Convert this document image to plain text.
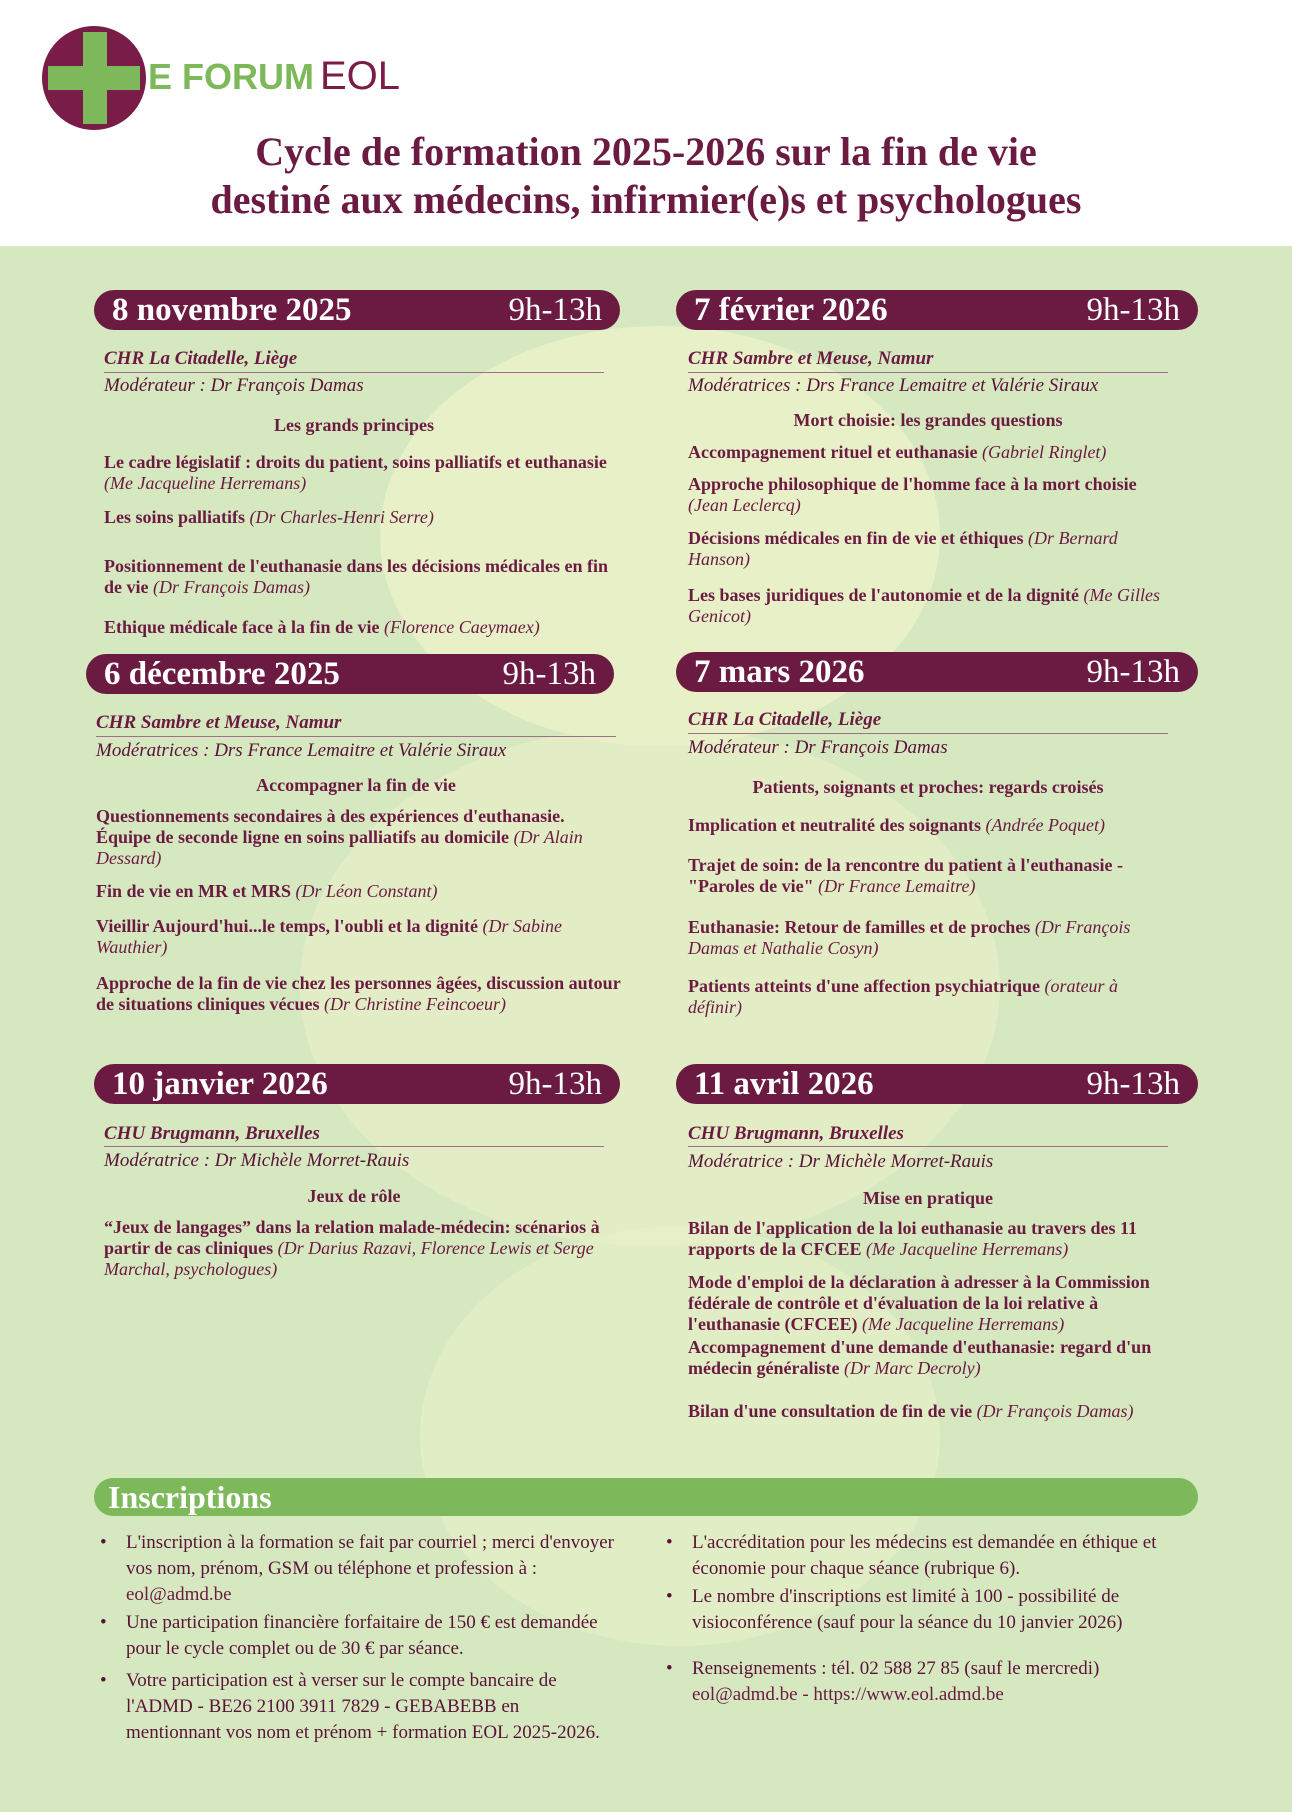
E FORUM EOL
Cycle de formation 2025-2026 sur la fin de vie
destiné aux médecins, infirmier(e)s et psychologues
8 novembre 2025	9h-13h
CHR La Citadelle, Liège
Modérateur : Dr François Damas
Les grands principes
Le cadre législatif : droits du patient, soins palliatifs et euthanasie (Me Jacqueline Herremans)
Les soins palliatifs (Dr Charles-Henri Serre)
Positionnement de l'euthanasie dans les décisions médicales en fin de vie (Dr François Damas)
Ethique médicale face à la fin de vie (Florence Caeymaex)
7 février 2026	9h-13h
CHR Sambre et Meuse, Namur
Modératrices : Drs France Lemaitre et Valérie Siraux
Mort choisie: les grandes questions
Accompagnement rituel et euthanasie (Gabriel Ringlet)
Approche philosophique de l'homme face à la mort choisie (Jean Leclercq)
Décisions médicales en fin de vie et éthiques (Dr Bernard Hanson)
Les bases juridiques de l'autonomie et de la dignité (Me Gilles Genicot)
6 décembre 2025	9h-13h
CHR Sambre et Meuse, Namur
Modératrices : Drs France Lemaitre et Valérie Siraux
Accompagner la fin de vie
Questionnements secondaires à des expériences d'euthanasie. Équipe de seconde ligne en soins palliatifs au domicile (Dr Alain Dessard)
Fin de vie en MR et MRS (Dr Léon Constant)
Vieillir Aujourd'hui...le temps, l'oubli et la dignité (Dr Sabine Wauthier)
Approche de la fin de vie chez les personnes âgées, discussion autour de situations cliniques vécues (Dr Christine Feincoeur)
7 mars 2026	9h-13h
CHR La Citadelle, Liège
Modérateur : Dr François Damas
Patients, soignants et proches: regards croisés
Implication et neutralité des soignants (Andrée Poquet)
Trajet de soin: de la rencontre du patient à l'euthanasie - "Paroles de vie" (Dr France Lemaitre)
Euthanasie: Retour de familles et de proches (Dr François Damas et Nathalie Cosyn)
Patients atteints d'une affection psychiatrique (orateur à définir)
10 janvier 2026	9h-13h
CHU Brugmann, Bruxelles
Modératrice : Dr Michèle Morret-Rauis
Jeux de rôle
“Jeux de langages” dans la relation malade-médecin: scénarios à partir de cas cliniques (Dr Darius Razavi, Florence Lewis et Serge Marchal, psychologues)
11 avril 2026	9h-13h
CHU Brugmann, Bruxelles
Modératrice : Dr Michèle Morret-Rauis
Mise en pratique
Bilan de l'application de la loi euthanasie au travers des 11 rapports de la CFCEE (Me Jacqueline Herremans)
Mode d'emploi de la déclaration à adresser à la Commission fédérale de contrôle et d'évaluation de la loi relative à l'euthanasie (CFCEE) (Me Jacqueline Herremans)
Accompagnement d'une demande d'euthanasie: regard d'un médecin généraliste (Dr Marc Decroly)
Bilan d'une consultation de fin de vie (Dr François Damas)
Inscriptions
• L'inscription à la formation se fait par courriel ; merci d'envoyer vos nom, prénom, GSM ou téléphone et profession à : eol@admd.be
• Une participation financière forfaitaire de 150 € est demandée pour le cycle complet ou de 30 € par séance.
• Votre participation est à verser sur le compte bancaire de l'ADMD - BE26 2100 3911 7829 - GEBABEBB en mentionnant vos nom et prénom + formation EOL 2025-2026.
• L'accréditation pour les médecins est demandée en éthique et économie pour chaque séance (rubrique 6).
• Le nombre d'inscriptions est limité à 100 - possibilité de visioconférence (sauf pour la séance du 10 janvier 2026)
• Renseignements : tél. 02 588 27 85 (sauf le mercredi)
eol@admd.be - https://www.eol.admd.be
